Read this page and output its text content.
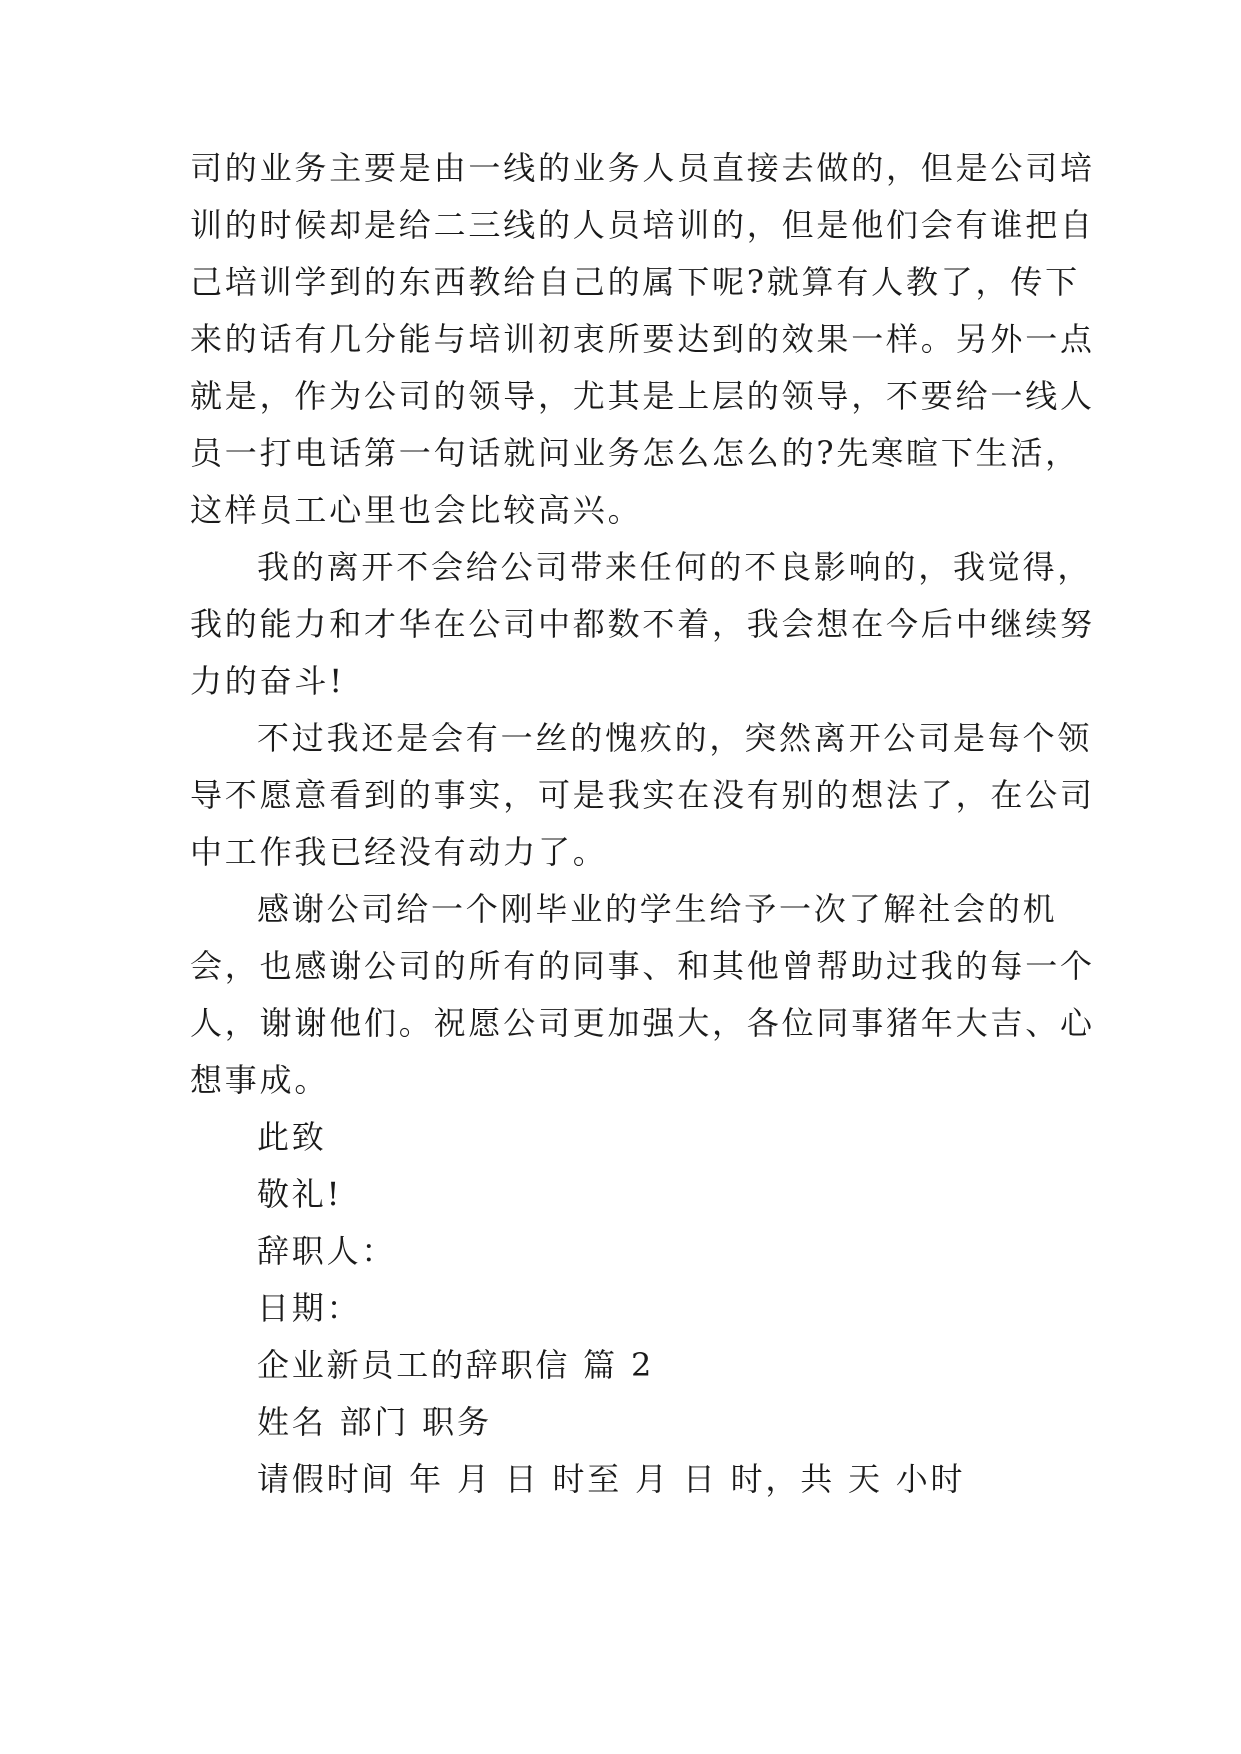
司的业务主要是由一线的业务人员直接去做的，但是公司培
训的时候却是给二三线的人员培训的，但是他们会有谁把自
己培训学到的东西教给自己的属下呢?就算有人教了，传下
来的话有几分能与培训初衷所要达到的效果一样。另外一点
就是，作为公司的领导，尤其是上层的领导，不要给一线人
员一打电话第一句话就问业务怎么怎么的?先寒暄下生活，
这样员工心里也会比较高兴。
我的离开不会给公司带来任何的不良影响的，我觉得，
我的能力和才华在公司中都数不着，我会想在今后中继续努
力的奋斗!
不过我还是会有一丝的愧疚的，突然离开公司是每个领
导不愿意看到的事实，可是我实在没有别的想法了，在公司
中工作我已经没有动力了。
感谢公司给一个刚毕业的学生给予一次了解社会的机
会，也感谢公司的所有的同事、和其他曾帮助过我的每一个
人，谢谢他们。祝愿公司更加强大，各位同事猪年大吉、心
想事成。
此致
敬礼!
辞职人：
日期：
企业新员工的辞职信 篇 2
姓名 部门 职务
请假时间 年 月 日 时至 月 日 时，共 天 小时
